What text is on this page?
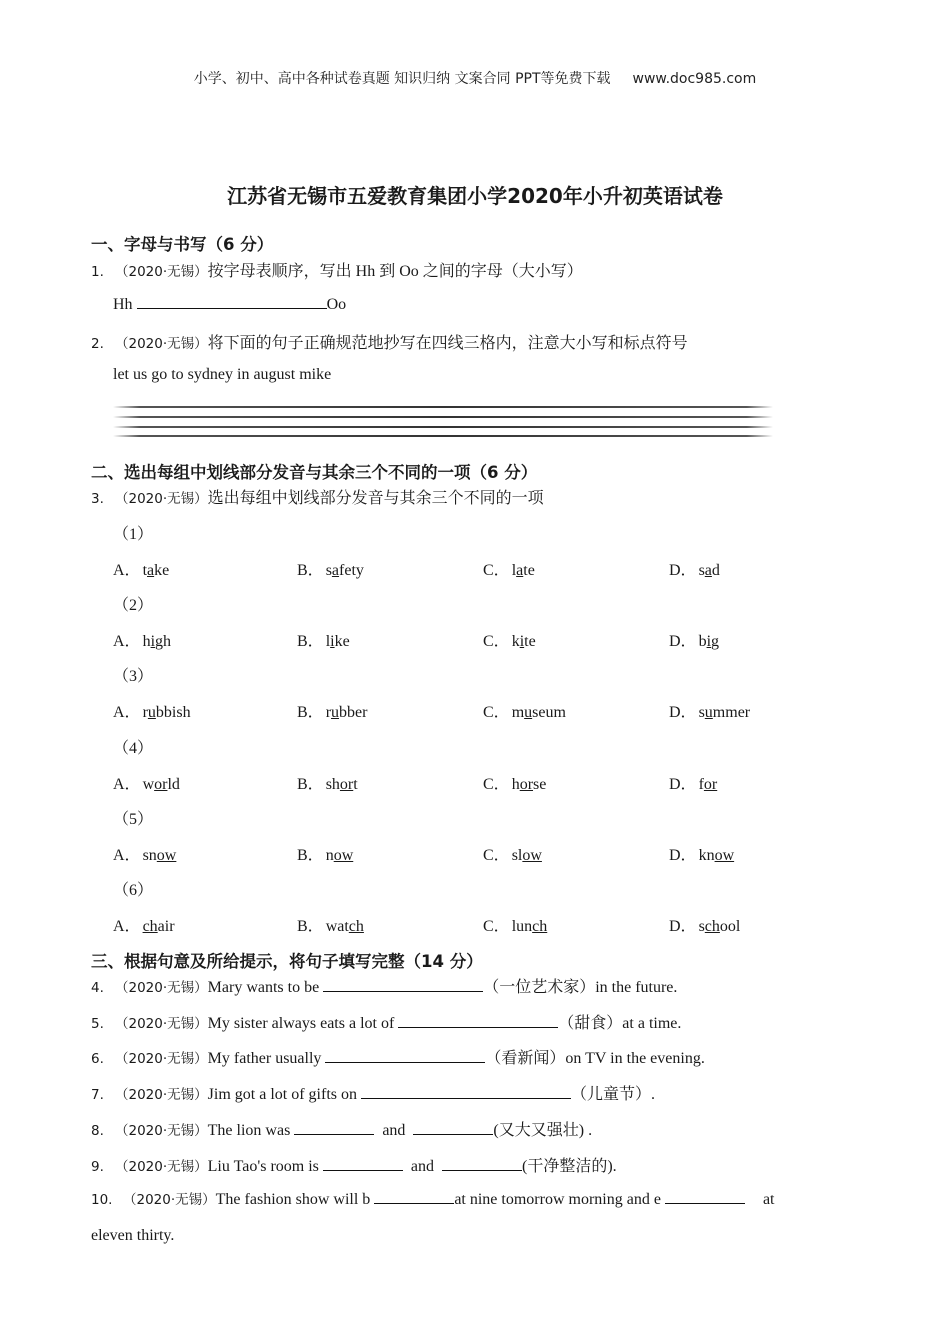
小学、初中、高中各种试卷真题 知识归纳 文案合同 PPT等免费下载 www.doc985.com
江苏省无锡市五爱教育集团小学2020年小升初英语试卷
一、字母与书写（6 分）
1. （2020·无锡）按字母表顺序，写出 Hh 到 Oo 之间的字母（大小写）
Hh	Oo
2. （2020·无锡）将下面的句子正确规范地抄写在四线三格内，注意大小写和标点符号
let us go to sydney in august mike
二、选出每组中划线部分发音与其余三个不同的一项（6 分）
3. （2020·无锡）选出每组中划线部分发音与其余三个不同的一项
（1）
A． take	B． safety	C． late	D． sad
（2）
A． high	B． like	C． kite	D． big
（3）
A． rubbish	B． rubber	C． museum	D． summer
（4）
A． world	B． short	C． horse	D． for
（5）
A． snow	B． now	C． slow	D． know
（6）
A． chair	B． watch	C． lunch	D． school
三、根据句意及所给提示，将句子填写完整（14 分）
4. （2020·无锡）Mary wants to be	（一位艺术家）in the future.
5. （2020·无锡）My sister always eats a lot of	（甜食）at a time.
6. （2020·无锡）My father usually	（看新闻）on TV in the evening.
7. （2020·无锡）Jim got a lot of gifts on	（儿童节）.
8. （2020·无锡）The lion was	and	(又大又强壮) .
9. （2020·无锡）Liu Tao's room is	and	(干净整洁的).
10. （2020·无锡）The fashion show will b	at nine tomorrow morning and e	at
eleven thirty.
